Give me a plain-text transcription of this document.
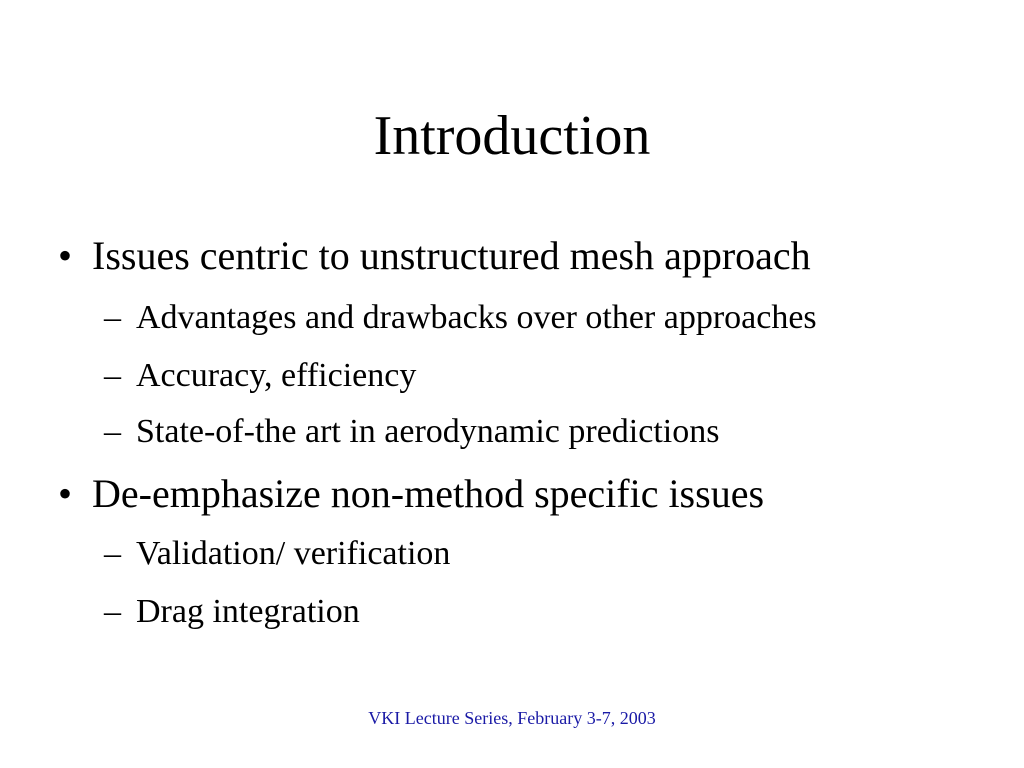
Introduction
• Issues centric to unstructured mesh approach
– Advantages and drawbacks over other approaches
– Accuracy, efficiency
– State-of-the art in aerodynamic predictions
• De-emphasize non-method specific issues
– Validation/ verification
– Drag integration
VKI Lecture Series, February 3-7, 2003
